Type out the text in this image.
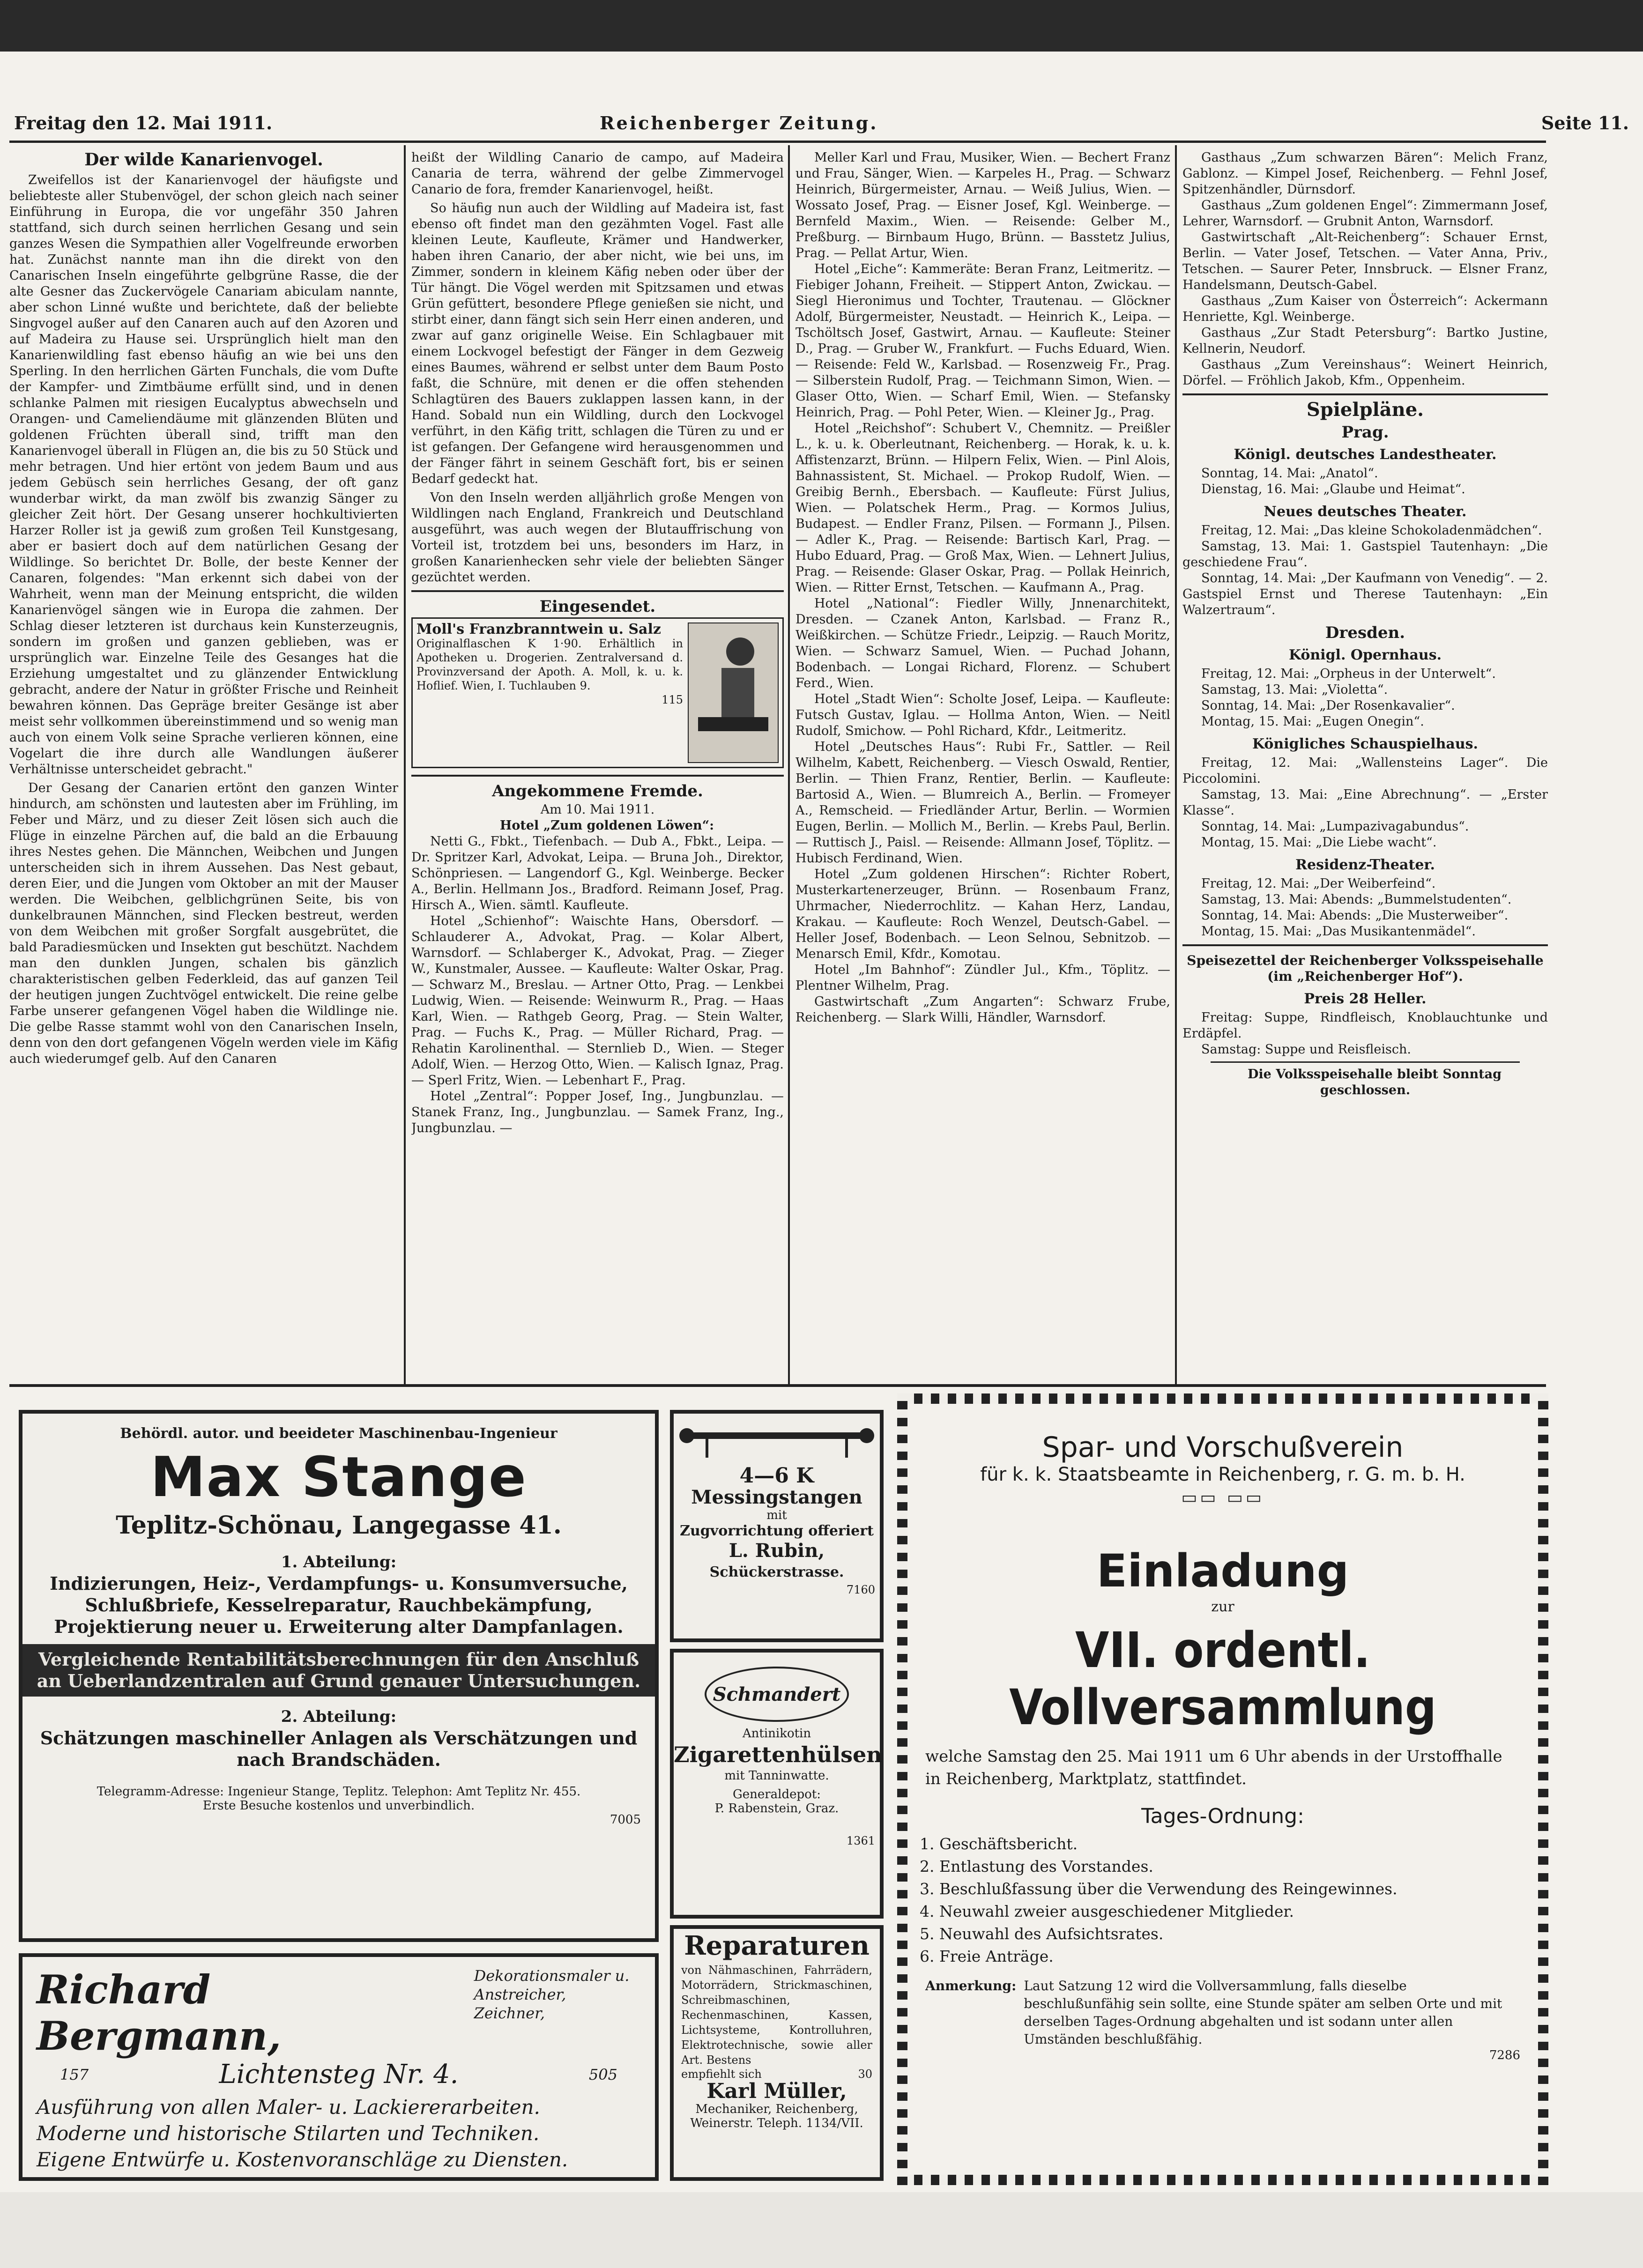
Freitag den 12. Mai 1911.	Reichenberger Zeitung.	Seite 11.
Der wilde Kanarienvogel.

Zweifellos ist der Kanarienvogel der häufigste und beliebteste aller Stubenvögel, der schon gleich nach seiner Einführung in Europa, die vor ungefähr 350 Jahren stattfand, sich durch seinen herrlichen Gesang und sein ganzes Wesen die Sympathien aller Vogelfreunde erworben hat. Zunächst nannte man ihn die direkt von den Canarischen Inseln eingeführte gelbgrüne Rasse, die der alte Gesner das Zuckervögele Canariam abiculam nannte, aber schon Linné wußte und berichtete, daß der beliebte Singvogel außer auf den Canaren auch auf den Azoren und auf Madeira zu Hause sei. Ursprünglich hielt man den Kanarienwildling fast ebenso häufig an wie bei uns den Sperling. In den herrlichen Gärten Funchals, die vom Dufte der Kampfer- und Zimtbäume erfüllt sind, und in denen schlanke Palmen mit riesigen Eucalyptus abwechseln und Orangen- und Cameliendäume mit glänzenden Blüten und goldenen Früchten überall sind, trifft man den Kanarienvogel überall in Flügen an, die bis zu 50 Stück und mehr betragen. Und hier ertönt von jedem Baum und aus jedem Gebüsch sein herrliches Gesang, der oft ganz wunderbar wirkt, da man zwölf bis zwanzig Sänger zu gleicher Zeit hört. Der Gesang unserer hochkultivierten Harzer Roller ist ja gewiß zum großen Teil Kunstgesang, aber er basiert doch auf dem natürlichen Gesang der Wildlinge. So berichtet Dr. Bolle, der beste Kenner der Canaren, folgendes: "Man erkennt sich dabei von der Wahrheit, wenn man der Meinung entspricht, die wilden Kanarienvögel sängen wie in Europa die zahmen. Der Schlag dieser letzteren ist durchaus kein Kunsterzeugnis, sondern im großen und ganzen geblieben, was er ursprünglich war. Einzelne Teile des Gesanges hat die Erziehung umgestaltet und zu glänzender Entwicklung gebracht, andere der Natur in größter Frische und Reinheit bewahren können. Das Gepräge breiter Gesänge ist aber meist sehr vollkommen übereinstimmend und so wenig man auch von einem Volk seine Sprache verlieren können, eine Vogelart die ihre durch alle Wandlungen äußerer Verhältnisse unterscheidet gebracht."

Der Gesang der Canarien ertönt den ganzen Winter hindurch, am schönsten und lautesten aber im Frühling, im Feber und März, und zu dieser Zeit lösen sich auch die Flüge in einzelne Pärchen auf, die bald an die Erbauung ihres Nestes gehen. Die Männchen, Weibchen und Jungen unterscheiden sich in ihrem Aussehen. Das Nest gebaut, deren Eier, und die Jungen vom Oktober an mit der Mauser werden. Die Weibchen, gelblichgrünen Seite, bis von dunkelbraunen Männchen, sind Flecken bestreut, werden von dem Weibchen mit großer Sorgfalt ausgebrütet, die bald Paradiesmücken und Insekten gut beschützt. Nachdem man den dunklen Jungen, schalen bis gänzlich charakteristischen gelben Federkleid, das auf ganzen Teil der heutigen jungen Zuchtvögel entwickelt. Die reine gelbe Farbe unserer gefangenen Vögel haben die Wildlinge nie. Die gelbe Rasse stammt wohl von den Canarischen Inseln, denn von den dort gefangenen Vögeln werden viele im Käfig auch wiederumgef gelb. Auf den Canaren

heißt der Wildling Canario de campo, auf Madeira Canaria de terra, während der gelbe Zimmervogel Canario de fora, fremder Kanarienvogel, heißt.

So häufig nun auch der Wildling auf Madeira ist, fast ebenso oft findet man den gezähmten Vogel. Fast alle kleinen Leute, Kaufleute, Krämer und Handwerker, haben ihren Canario, der aber nicht, wie bei uns, im Zimmer, sondern in kleinem Käfig neben oder über der Tür hängt. Die Vögel werden mit Spitzsamen und etwas Grün gefüttert, besondere Pflege genießen sie nicht, und stirbt einer, dann fängt sich sein Herr einen anderen, und zwar auf ganz originelle Weise. Ein Schlagbauer mit einem Lockvogel befestigt der Fänger in dem Gezweig eines Baumes, während er selbst unter dem Baum Posto faßt, die Schnüre, mit denen er die offen stehenden Schlagtüren des Bauers zuklappen lassen kann, in der Hand. Sobald nun ein Wildling, durch den Lockvogel verführt, in den Käfig tritt, schlagen die Türen zu und er ist gefangen. Der Gefangene wird herausgenommen und der Fänger fährt in seinem Geschäft fort, bis er seinen Bedarf gedeckt hat.

Von den Inseln werden alljährlich große Mengen von Wildlingen nach England, Frankreich und Deutschland ausgeführt, was auch wegen der Blutauffrischung von Vorteil ist, trotzdem bei uns, besonders im Harz, in großen Kanarienhecken sehr viele der beliebten Sänger gezüchtet werden.

Eingesendet.
Moll's Franzbranntwein u. Salz
Originalflaschen K 1·90. Erhältlich in Apotheken u. Drogerien. Zentralversand d. Provinzversand der Apoth. A. Moll, k. u. k. Hoflief. Wien, I. Tuchlauben 9.
115
Angekommene Fremde.
Am 10. Mai 1911.

Hotel „Zum goldenen Löwen“:

Netti G., Fbkt., Tiefenbach. — Dub A., Fbkt., Leipa. — Dr. Spritzer Karl, Advokat, Leipa. — Bruna Joh., Direktor, Schönpriesen. — Langendorf G., Kgl. Weinberge. Becker A., Berlin. Hellmann Jos., Bradford. Reimann Josef, Prag. Hirsch A., Wien. sämtl. Kaufleute.

Hotel „Schienhof“: Waischte Hans, Obersdorf. — Schlauderer A., Advokat, Prag. — Kolar Albert, Warnsdorf. — Schlaberger K., Advokat, Prag. — Zieger W., Kunstmaler, Aussee. — Kaufleute: Walter Oskar, Prag. — Schwarz M., Breslau. — Artner Otto, Prag. — Lenkbei Ludwig, Wien. — Reisende: Weinwurm R., Prag. — Haas Karl, Wien. — Rathgeb Georg, Prag. — Stein Walter, Prag. — Fuchs K., Prag. — Müller Richard, Prag. — Rehatin Karolinenthal. — Sternlieb D., Wien. — Steger Adolf, Wien. — Herzog Otto, Wien. — Kalisch Ignaz, Prag. — Sperl Fritz, Wien. — Lebenhart F., Prag.

Hotel „Zentral“: Popper Josef, Ing., Jungbunzlau. — Stanek Franz, Ing., Jungbunzlau. — Samek Franz, Ing., Jungbunzlau. —

Meller Karl und Frau, Musiker, Wien. — Bechert Franz und Frau, Sänger, Wien. — Karpeles H., Prag. — Schwarz Heinrich, Bürgermeister, Arnau. — Weiß Julius, Wien. — Wossato Josef, Prag. — Eisner Josef, Kgl. Weinberge. — Bernfeld Maxim., Wien. — Reisende: Gelber M., Preßburg. — Birnbaum Hugo, Brünn. — Basstetz Julius, Prag. — Pellat Artur, Wien.

Hotel „Eiche“: Kammeräte: Beran Franz, Leitmeritz. — Fiebiger Johann, Freiheit. — Stippert Anton, Zwickau. — Siegl Hieronimus und Tochter, Trautenau. — Glöckner Adolf, Bürgermeister, Neustadt. — Heinrich K., Leipa. — Tschöltsch Josef, Gastwirt, Arnau. — Kaufleute: Steiner D., Prag. — Gruber W., Frankfurt. — Fuchs Eduard, Wien. — Reisende: Feld W., Karlsbad. — Rosenzweig Fr., Prag. — Silberstein Rudolf, Prag. — Teichmann Simon, Wien. — Glaser Otto, Wien. — Scharf Emil, Wien. — Stefansky Heinrich, Prag. — Pohl Peter, Wien. — Kleiner Jg., Prag.

Hotel „Reichshof“: Schubert V., Chemnitz. — Preißler L., k. u. k. Oberleutnant, Reichenberg. — Horak, k. u. k. Affistenzarzt, Brünn. — Hilpern Felix, Wien. — Pinl Alois, Bahnassistent, St. Michael. — Prokop Rudolf, Wien. — Greibig Bernh., Ebersbach. — Kaufleute: Fürst Julius, Wien. — Polatschek Herm., Prag. — Kormos Julius, Budapest. — Endler Franz, Pilsen. — Formann J., Pilsen. — Adler K., Prag. — Reisende: Bartisch Karl, Prag. — Hubo Eduard, Prag. — Groß Max, Wien. — Lehnert Julius, Prag. — Reisende: Glaser Oskar, Prag. — Pollak Heinrich, Wien. — Ritter Ernst, Tetschen. — Kaufmann A., Prag.

Hotel „National“: Fiedler Willy, Jnnenarchitekt, Dresden. — Czanek Anton, Karlsbad. — Franz R., Weißkirchen. — Schütze Friedr., Leipzig. — Rauch Moritz, Wien. — Schwarz Samuel, Wien. — Puchad Johann, Bodenbach. — Longai Richard, Florenz. — Schubert Ferd., Wien.

Hotel „Stadt Wien“: Scholte Josef, Leipa. — Kaufleute: Futsch Gustav, Iglau. — Hollma Anton, Wien. — Neitl Rudolf, Smichow. — Pohl Richard, Kfdr., Leitmeritz.

Hotel „Deutsches Haus“: Rubi Fr., Sattler. — Reil Wilhelm, Kabett, Reichenberg. — Viesch Oswald, Rentier, Berlin. — Thien Franz, Rentier, Berlin. — Kaufleute: Bartosid A., Wien. — Blumreich A., Berlin. — Fromeyer A., Remscheid. — Friedländer Artur, Berlin. — Wormien Eugen, Berlin. — Mollich M., Berlin. — Krebs Paul, Berlin. — Ruttisch J., Paisl. — Reisende: Allmann Josef, Töplitz. — Hubisch Ferdinand, Wien.

Hotel „Zum goldenen Hirschen“: Richter Robert, Musterkartenerzeuger, Brünn. — Rosenbaum Franz, Uhrmacher, Niederrochlitz. — Kahan Herz, Landau, Krakau. — Kaufleute: Roch Wenzel, Deutsch-Gabel. — Heller Josef, Bodenbach. — Leon Selnou, Sebnitzob. — Menarsch Emil, Kfdr., Komotau.

Hotel „Im Bahnhof“: Zündler Jul., Kfm., Töplitz. — Plentner Wilhelm, Prag.

Gastwirtschaft „Zum Angarten“: Schwarz Frube, Reichenberg. — Slark Willi, Händler, Warnsdorf.

Gasthaus „Zum schwarzen Bären“: Melich Franz, Gablonz. — Kimpel Josef, Reichenberg. — Fehnl Josef, Spitzenhändler, Dürnsdorf.

Gasthaus „Zum goldenen Engel“: Zimmermann Josef, Lehrer, Warnsdorf. — Grubnit Anton, Warnsdorf.

Gastwirtschaft „Alt-Reichenberg“: Schauer Ernst, Berlin. — Vater Josef, Tetschen. — Vater Anna, Priv., Tetschen. — Saurer Peter, Innsbruck. — Elsner Franz, Handelsmann, Deutsch-Gabel.

Gasthaus „Zum Kaiser von Österreich“: Ackermann Henriette, Kgl. Weinberge.

Gasthaus „Zur Stadt Petersburg“: Bartko Justine, Kellnerin, Neudorf.

Gasthaus „Zum Vereinshaus“: Weinert Heinrich, Dörfel. — Fröhlich Jakob, Kfm., Oppenheim.

Spielpläne.
Prag.
Königl. deutsches Landestheater.

Sonntag, 14. Mai: „Anatol“.

Dienstag, 16. Mai: „Glaube und Heimat“.

Neues deutsches Theater.

Freitag, 12. Mai: „Das kleine Schokoladenmädchen“.

Samstag, 13. Mai: 1. Gastspiel Tautenhayn: „Die geschiedene Frau“.

Sonntag, 14. Mai: „Der Kaufmann von Venedig“. — 2. Gastspiel Ernst und Therese Tautenhayn: „Ein Walzertraum“.

Dresden.
Königl. Opernhaus.

Freitag, 12. Mai: „Orpheus in der Unterwelt“.

Samstag, 13. Mai: „Violetta“.

Sonntag, 14. Mai: „Der Rosenkavalier“.

Montag, 15. Mai: „Eugen Onegin“.

Königliches Schauspielhaus.

Freitag, 12. Mai: „Wallensteins Lager“. Die Piccolomini.

Samstag, 13. Mai: „Eine Abrechnung“. — „Erster Klasse“.

Sonntag, 14. Mai: „Lumpazivagabundus“.

Montag, 15. Mai: „Die Liebe wacht“.

Residenz-Theater.

Freitag, 12. Mai: „Der Weiberfeind“.

Samstag, 13. Mai: Abends: „Bummelstudenten“.

Sonntag, 14. Mai: Abends: „Die Musterweiber“.

Montag, 15. Mai: „Das Musikantenmädel“.

Speisezettel der Reichenberger Volksspeisehalle (im „Reichenberger Hof“).
Preis 28 Heller.

Freitag: Suppe, Rindfleisch, Knoblauchtunke und Erdäpfel.

Samstag: Suppe und Reisfleisch.

Die Volksspeisehalle bleibt Sonntag geschlossen.

Behördl. autor. und beeideter Maschinenbau-Ingenieur
Max Stange
Teplitz-Schönau, Langegasse 41.
1. Abteilung:
Indizierungen, Heiz-, Verdampfungs- u. Konsumversuche, Schlußbriefe, Kesselreparatur, Rauchbekämpfung, Projektierung neuer u. Erweiterung alter Dampfanlagen.
Vergleichende Rentabilitätsberechnungen für den Anschluß an Ueberlandzentralen auf Grund genauer Untersuchungen.
2. Abteilung:
Schätzungen maschineller Anlagen als Verschätzungen und nach Brandschäden.
Telegramm-Adresse: Ingenieur Stange, Teplitz. Telephon: Amt Teplitz Nr. 455.
Erste Besuche kostenlos und unverbindlich.
7005
Richard Bergmann,
Dekorationsmaler u. Anstreicher, Zeichner,
157	Lichtensteg Nr. 4.	505
Ausführung von allen Maler- u. Lackiererarbeiten.
Moderne und historische Stilarten und Techniken.
Eigene Entwürfe u. Kostenvoranschläge zu Diensten.
4—6 K
Messingstangen
mit
Zugvorrichtung offeriert
L. Rubin,
Schückerstrasse.
7160
Schmandert
Antinikotin
Zigarettenhülsen
mit Tanninwatte.
Generaldepot:
P. Rabenstein, Graz.
1361
Reparaturen
von Nähmaschinen, Fahrrädern, Motorrädern, Strickmaschinen, Schreibmaschinen, Rechenmaschinen, Kassen, Lichtsysteme, Kontrolluhren, Elektrotechnische, sowie aller Art. Bestens
empfiehlt sich	30
Karl Müller,
Mechaniker, Reichenberg,
Weinerstr. Teleph. 1134/VII.
Spar- und Vorschußverein
für k. k. Staatsbeamte in Reichenberg, r. G. m. b. H.
▭▭ ▭▭
Einladung
zur
VII. ordentl. Vollversammlung
welche Samstag den 25. Mai 1911 um 6 Uhr abends in der Urstoffhalle in Reichenberg, Marktplatz, stattfindet.
Tages-Ordnung:
1. Geschäftsbericht.
2. Entlastung des Vorstandes.
3. Beschlußfassung über die Verwendung des Reingewinnes.
4. Neuwahl zweier ausgeschiedener Mitglieder.
5. Neuwahl des Aufsichtsrates.
6. Freie Anträge.
Anmerkung: Laut Satzung 12 wird die Vollversammlung, falls dieselbe beschlußunfähig sein sollte, eine Stunde später am selben Orte und mit derselben Tages-Ordnung abgehalten und ist sodann unter allen Umständen beschlußfähig.
7286
